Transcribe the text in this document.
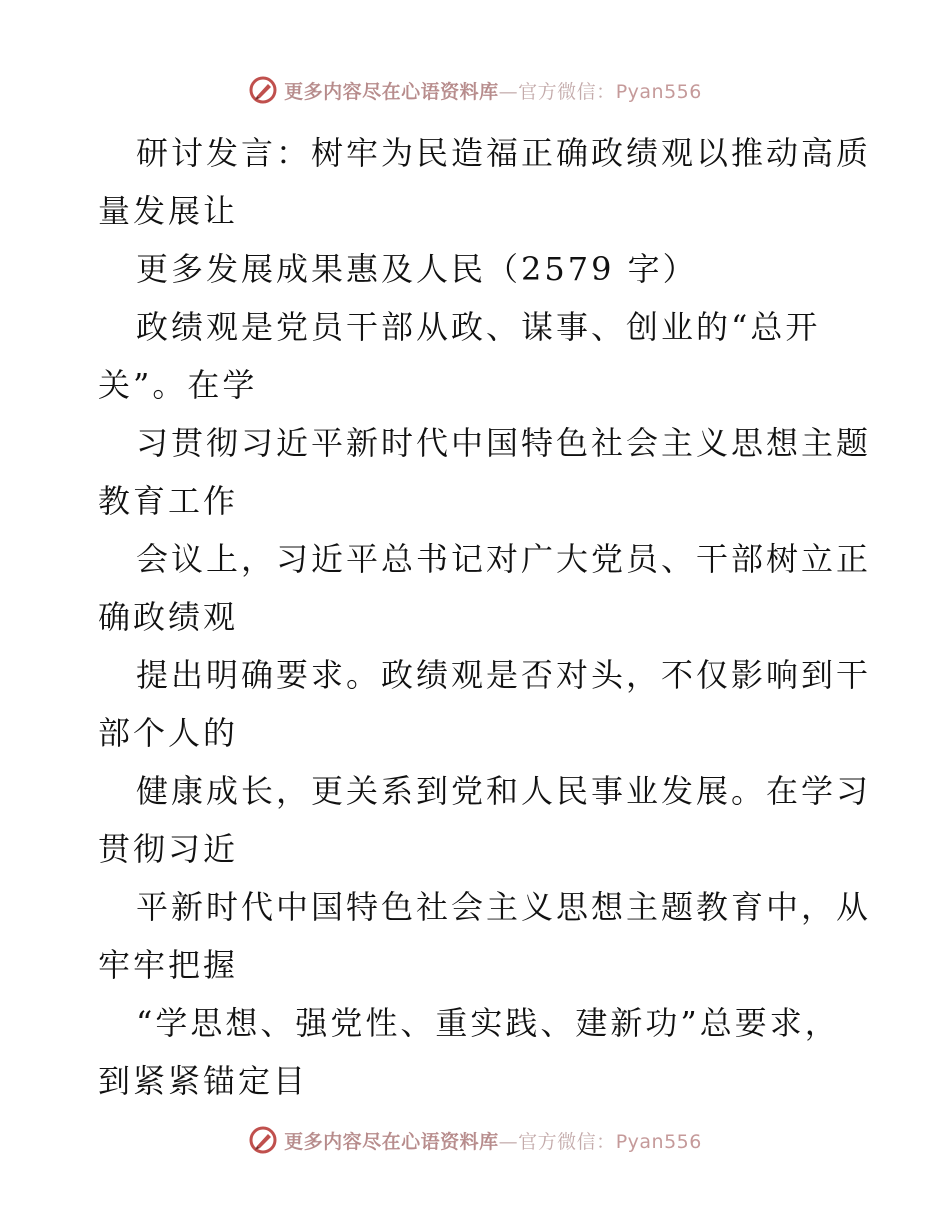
更多内容尽在心语资料库—官方微信：Pyan556
研讨发言：树牢为民造福正确政绩观以推动高质
量发展让
更多发展成果惠及人民（2579 字）
政绩观是党员干部从政、谋事、创业的“总开
关”。在学
习贯彻习近平新时代中国特色社会主义思想主题
教育工作
会议上，习近平总书记对广大党员、干部树立正
确政绩观
提出明确要求。政绩观是否对头，不仅影响到干
部个人的
健康成长，更关系到党和人民事业发展。在学习
贯彻习近
平新时代中国特色社会主义思想主题教育中，从
牢牢把握
“学思想、强党性、重实践、建新功”总要求，
到紧紧锚定目
更多内容尽在心语资料库—官方微信：Pyan556
